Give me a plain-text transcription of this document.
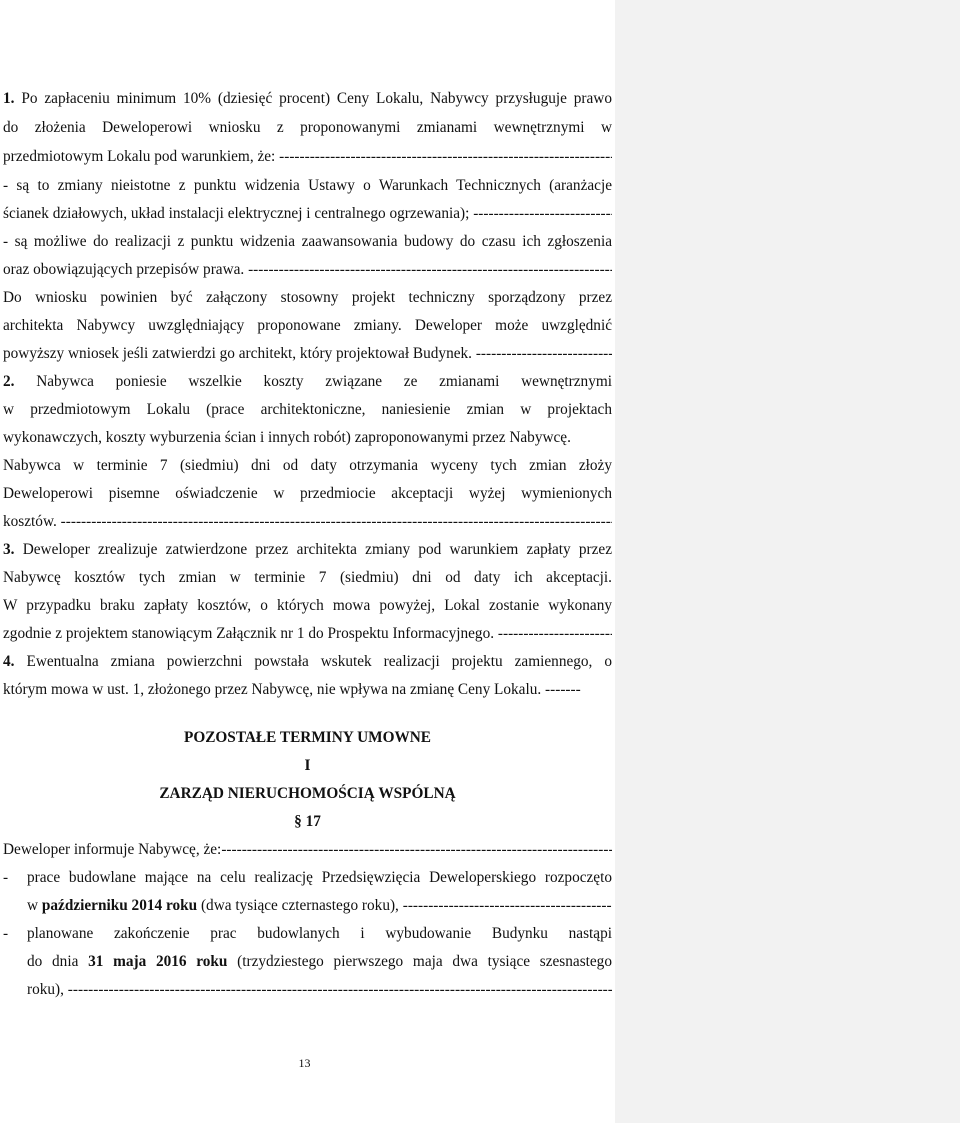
1. Po zapłaceniu minimum 10% (dziesięć procent) Ceny Lokalu, Nabywcy przysługuje prawo
do złożenia Deweloperowi wniosku z proponowanymi zmianami wewnętrznymi w
przedmiotowym Lokalu pod warunkiem, że: -----
- są to zmiany nieistotne z punktu widzenia Ustawy o Warunkach Technicznych (aranżacje
ścianek działowych, układ instalacji elektrycznej i centralnego ogrzewania); -----
- są możliwe do realizacji z punktu widzenia zaawansowania budowy do czasu ich zgłoszenia
oraz obowiązujących przepisów prawa. -----
Do wniosku powinien być załączony stosowny projekt techniczny sporządzony przez
architekta Nabywcy uwzględniający proponowane zmiany. Deweloper może uwzględnić
powyższy wniosek jeśli zatwierdzi go architekt, który projektował Budynek. -----
2. Nabywca poniesie wszelkie koszty związane ze zmianami wewnętrznymi
w przedmiotowym Lokalu (prace architektoniczne, naniesienie zmian w projektach
wykonawczych, koszty wyburzenia ścian i innych robót) zaproponowanymi przez Nabywcę.
Nabywca w terminie 7 (siedmiu) dni od daty otrzymania wyceny tych zmian złoży
Deweloperowi pisemne oświadczenie w przedmiocie akceptacji wyżej wymienionych
kosztów. -----
3. Deweloper zrealizuje zatwierdzone przez architekta zmiany pod warunkiem zapłaty przez
Nabywcę kosztów tych zmian w terminie 7 (siedmiu) dni od daty ich akceptacji.
W przypadku braku zapłaty kosztów, o których mowa powyżej, Lokal zostanie wykonany
zgodnie z projektem stanowiącym Załącznik nr 1 do Prospektu Informacyjnego. -----
4. Ewentualna zmiana powierzchni powstała wskutek realizacji projektu zamiennego, o
którym mowa w ust. 1, złożonego przez Nabywcę, nie wpływa na zmianę Ceny Lokalu. -------
POZOSTAŁE TERMINY UMOWNE
I
ZARZĄD NIERUCHOMOŚCIĄ WSPÓLNĄ
§ 17
Deweloper informuje Nabywcę, że: -----
-	prace budowlane mające na celu realizację Przedsięwzięcia Deweloperskiego rozpoczęto
w październiku 2014 roku (dwa tysiące czternastego roku), -----
-	planowane zakończenie prac budowlanych i wybudowanie Budynku nastąpi
do dnia 31 maja 2016 roku (trzydziestego pierwszego maja dwa tysiące szesnastego
roku), -----
13
